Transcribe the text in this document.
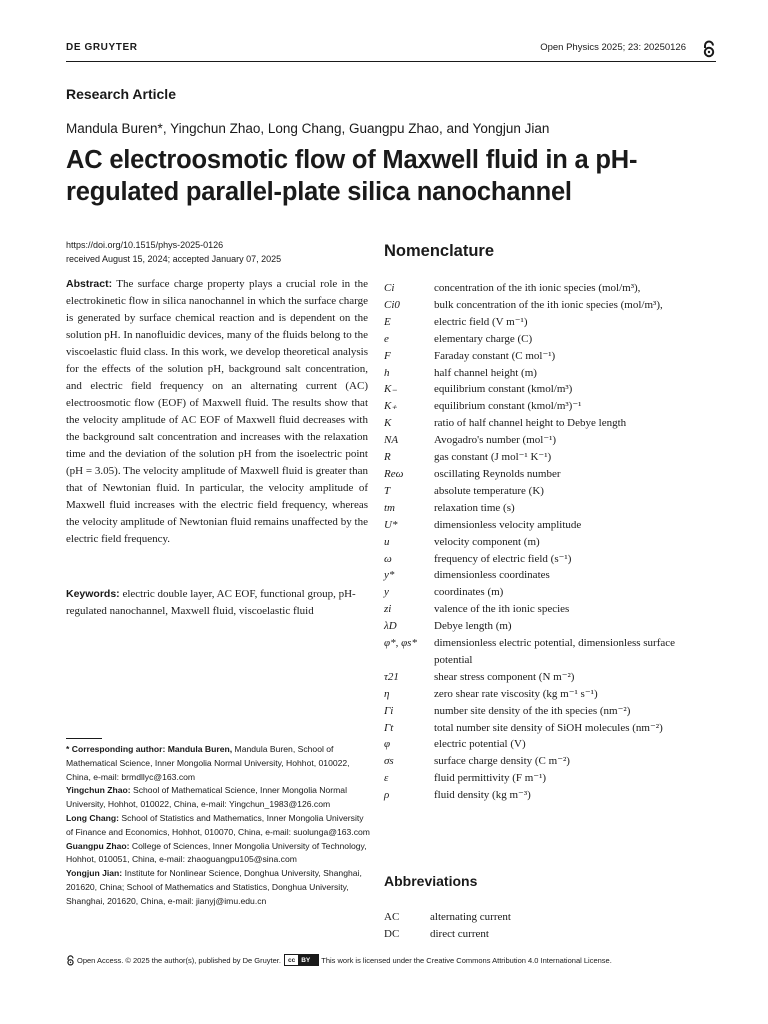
DE GRUYTER	Open Physics 2025; 23: 20250126
Research Article
Mandula Buren*, Yingchun Zhao, Long Chang, Guangpu Zhao, and Yongjun Jian
AC electroosmotic flow of Maxwell fluid in a pH-regulated parallel-plate silica nanochannel
https://doi.org/10.1515/phys-2025-0126
received August 15, 2024; accepted January 07, 2025
Abstract: The surface charge property plays a crucial role in the electrokinetic flow in silica nanochannel in which the surface charge is generated by surface chemical reaction and is dependent on the solution pH. In nanofluidic devices, many of the fluids belong to the viscoelastic fluid class. In this work, we develop theoretical analysis for the effects of the solution pH, background salt concentration, and electric field frequency on an alternating current (AC) electroosmotic flow (EOF) of Maxwell fluid. The results show that the velocity amplitude of AC EOF of Maxwell fluid decreases with the background salt concentration and increases with the relaxation time and the deviation of the solution pH from the isoelectric point (pH = 3.05). The velocity amplitude of Maxwell fluid is greater than that of Newtonian fluid. In particular, the velocity amplitude of Maxwell fluid increases with the electric field frequency, whereas the velocity amplitude of Newtonian fluid remains unaffected by the electric field frequency.
Keywords: electric double layer, AC EOF, functional group, pH-regulated nanochannel, Maxwell fluid, viscoelastic fluid

* Corresponding author: Mandula Buren, Mandula Buren, School of Mathematical Science, Inner Mongolia Normal University, Hohhot, 010022, China, e-mail: brmdllyc@163.com

Yingchun Zhao: School of Mathematical Science, Inner Mongolia Normal University, Hohhot, 010022, China, e-mail: Yingchun_1983@126.com

Long Chang: School of Statistics and Mathematics, Inner Mongolia University of Finance and Economics, Hohhot, 010070, China, e-mail: suolunga@163.com

Guangpu Zhao: College of Sciences, Inner Mongolia University of Technology, Hohhot, 010051, China, e-mail: zhaoguangpu105@sina.com

Yongjun Jian: Institute for Nonlinear Science, Donghua University, Shanghai, 201620, China; School of Mathematics and Statistics, Donghua University, Shanghai, 201620, China, e-mail: jianyj@imu.edu.cn

Nomenclature
Ci	concentration of the ith ionic species (mol/m³),
Ci0	bulk concentration of the ith ionic species (mol/m³),
E	electric field (V m⁻¹)
e	elementary charge (C)
F	Faraday constant (C mol⁻¹)
h	half channel height (m)
K₋	equilibrium constant (kmol/m³)
K₊	equilibrium constant (kmol/m³)⁻¹
K	ratio of half channel height to Debye length
NA	Avogadro's number (mol⁻¹)
R	gas constant (J mol⁻¹ K⁻¹)
Reω	oscillating Reynolds number
T	absolute temperature (K)
tm	relaxation time (s)
U*	dimensionless velocity amplitude
u	velocity component (m)
ω	frequency of electric field (s⁻¹)
y*	dimensionless coordinates
y	coordinates (m)
zi	valence of the ith ionic species
λD	Debye length (m)
φ*, φs*	dimensionless electric potential, dimensionless surface potential
τ21	shear stress component (N m⁻²)
η	zero shear rate viscosity (kg m⁻¹ s⁻¹)
Γi	number site density of the ith species (nm⁻²)
Γt	total number site density of SiOH molecules (nm⁻²)
φ	electric potential (V)
σs	surface charge density (C m⁻²)
ε	fluid permittivity (F m⁻¹)
ρ	fluid density (kg m⁻³)
Abbreviations
AC	alternating current
DC	direct current
Open Access. © 2025 the author(s), published by De Gruyter.	cc BY	This work is licensed under the Creative Commons Attribution 4.0 International License.
